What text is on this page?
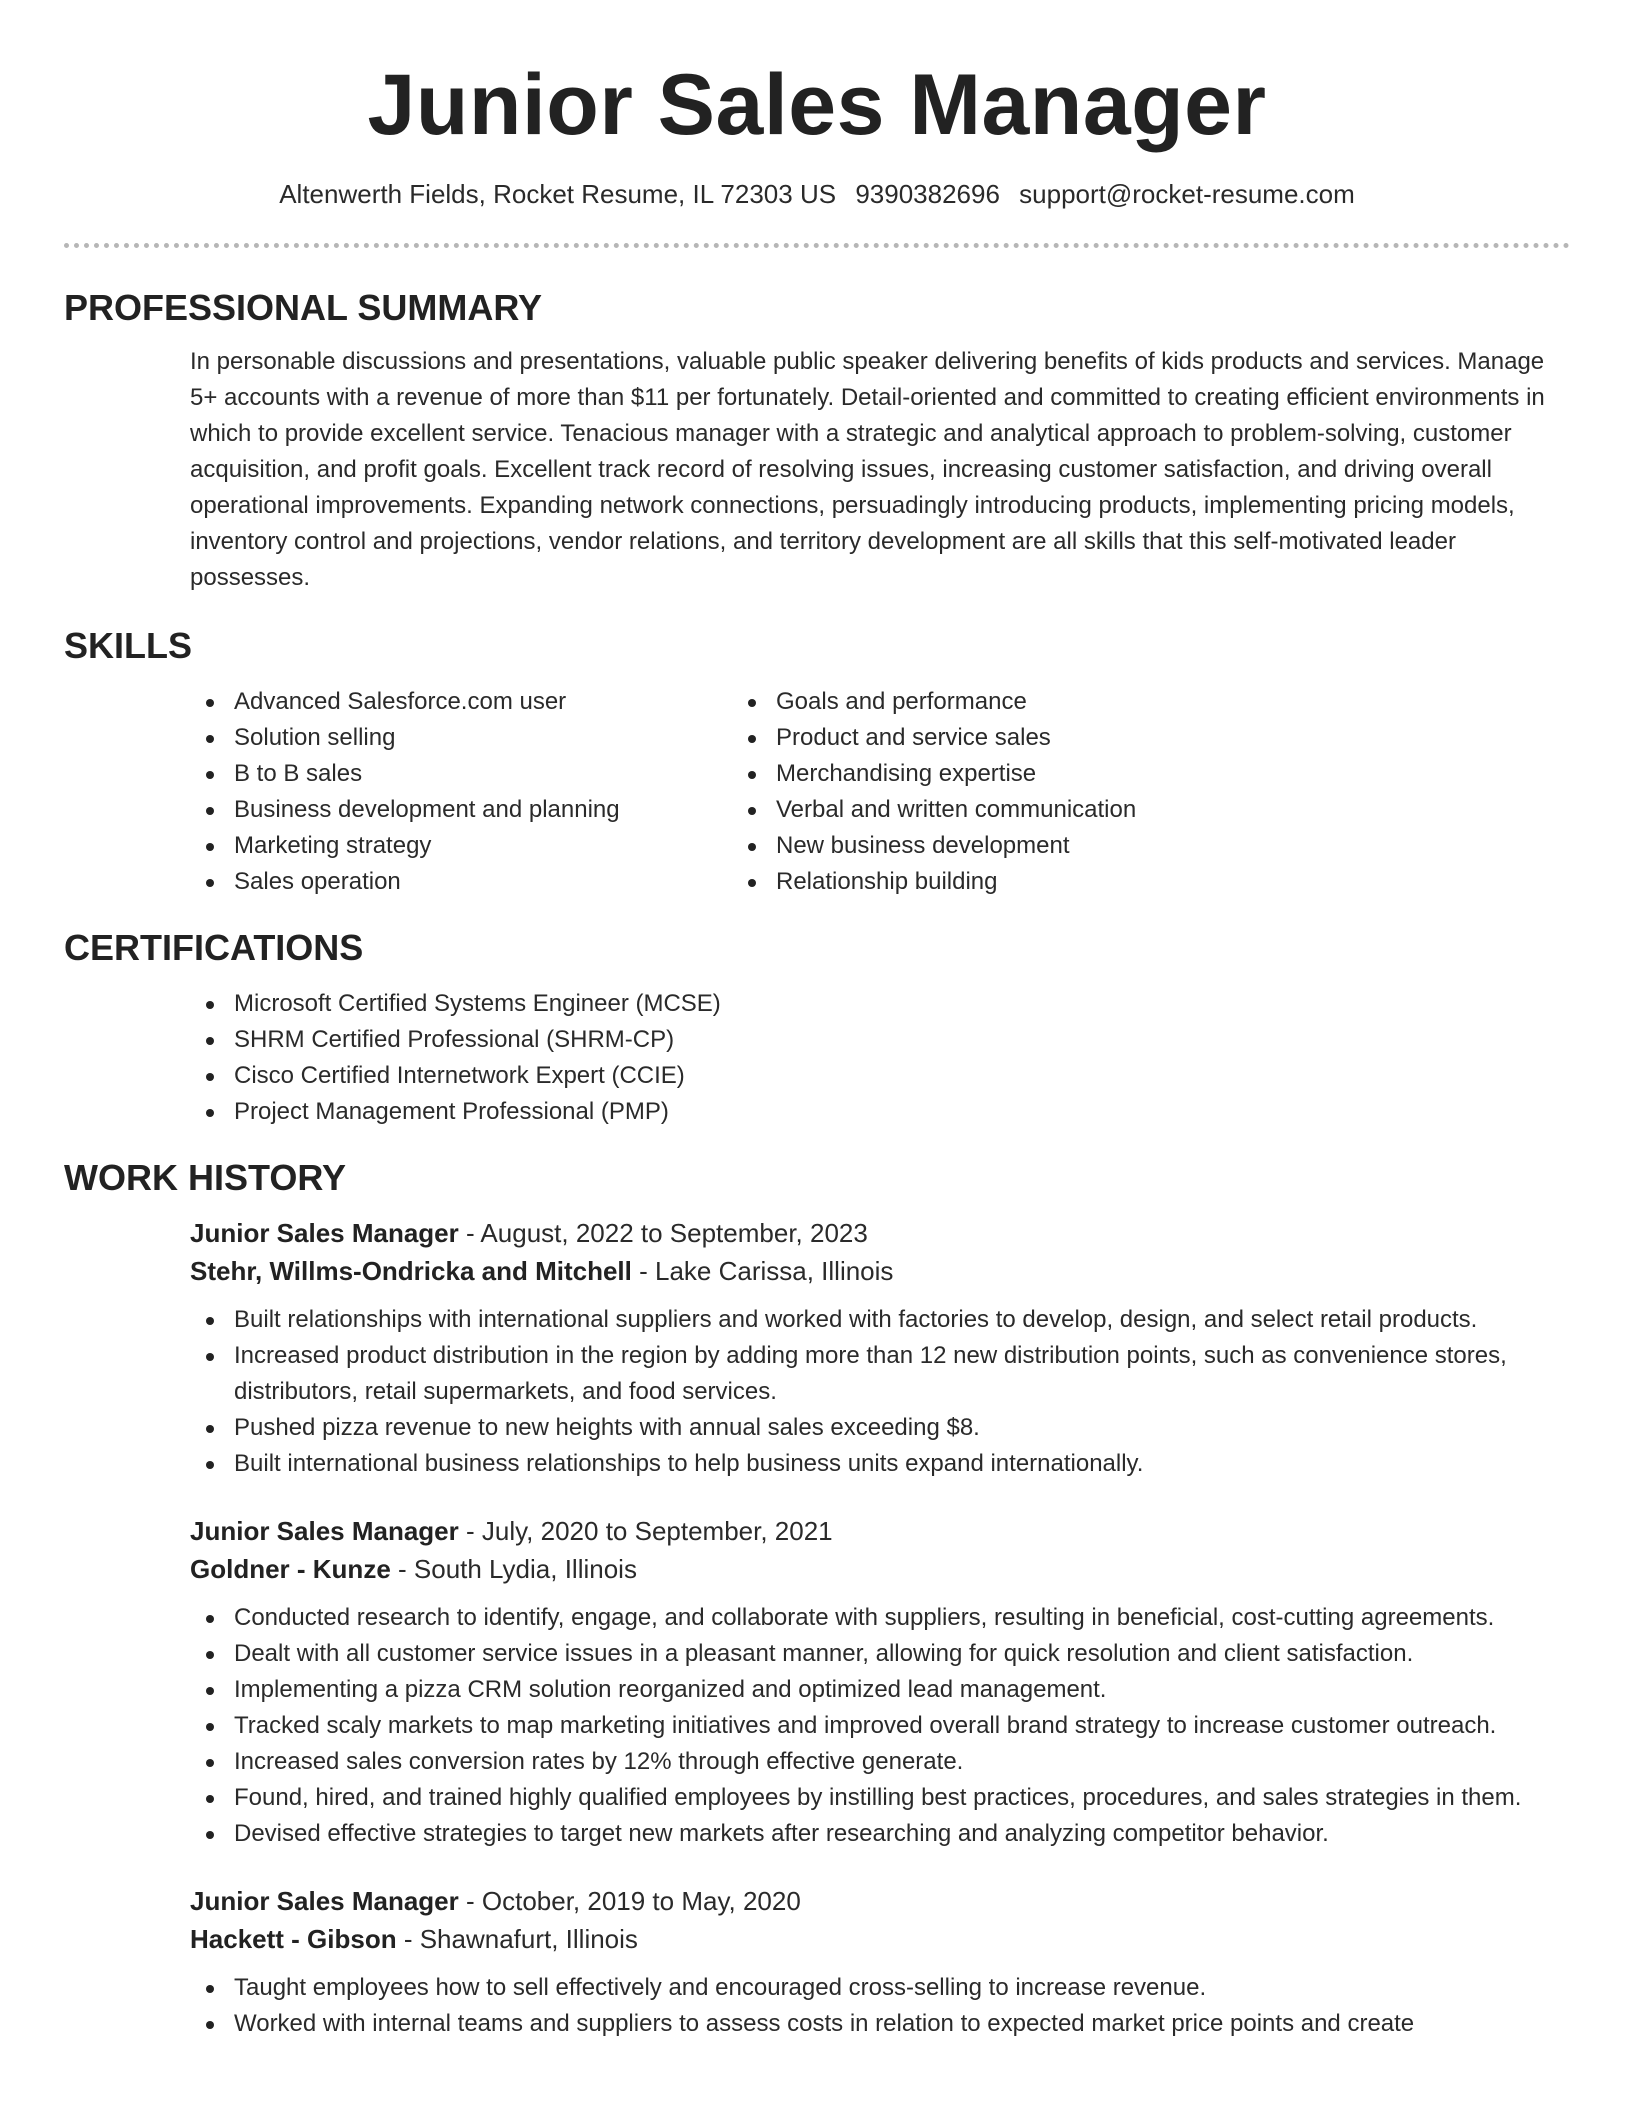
Junior Sales Manager
Altenwerth Fields, Rocket Resume, IL 72303 US 9390382696 support@rocket-resume.com
PROFESSIONAL SUMMARY
In personable discussions and presentations, valuable public speaker delivering benefits of kids products and services. Manage 5+ accounts with a revenue of more than $11 per fortunately. Detail-oriented and committed to creating efficient environments in which to provide excellent service. Tenacious manager with a strategic and analytical approach to problem-solving, customer acquisition, and profit goals. Excellent track record of resolving issues, increasing customer satisfaction, and driving overall operational improvements. Expanding network connections, persuadingly introducing products, implementing pricing models, inventory control and projections, vendor relations, and territory development are all skills that this self-motivated leader possesses.
SKILLS
Advanced Salesforce.com user
Solution selling
B to B sales
Business development and planning
Marketing strategy
Sales operation
Goals and performance
Product and service sales
Merchandising expertise
Verbal and written communication
New business development
Relationship building
CERTIFICATIONS
Microsoft Certified Systems Engineer (MCSE)
SHRM Certified Professional (SHRM-CP)
Cisco Certified Internetwork Expert (CCIE)
Project Management Professional (PMP)
WORK HISTORY
Junior Sales Manager - August, 2022 to September, 2023
Stehr, Willms-Ondricka and Mitchell - Lake Carissa, Illinois
Built relationships with international suppliers and worked with factories to develop, design, and select retail products.
Increased product distribution in the region by adding more than 12 new distribution points, such as convenience stores, distributors, retail supermarkets, and food services.
Pushed pizza revenue to new heights with annual sales exceeding $8.
Built international business relationships to help business units expand internationally.
Junior Sales Manager - July, 2020 to September, 2021
Goldner - Kunze - South Lydia, Illinois
Conducted research to identify, engage, and collaborate with suppliers, resulting in beneficial, cost-cutting agreements.
Dealt with all customer service issues in a pleasant manner, allowing for quick resolution and client satisfaction.
Implementing a pizza CRM solution reorganized and optimized lead management.
Tracked scaly markets to map marketing initiatives and improved overall brand strategy to increase customer outreach.
Increased sales conversion rates by 12% through effective generate.
Found, hired, and trained highly qualified employees by instilling best practices, procedures, and sales strategies in them.
Devised effective strategies to target new markets after researching and analyzing competitor behavior.
Junior Sales Manager - October, 2019 to May, 2020
Hackett - Gibson - Shawnafurt, Illinois
Taught employees how to sell effectively and encouraged cross-selling to increase revenue.
Worked with internal teams and suppliers to assess costs in relation to expected market price points and create
